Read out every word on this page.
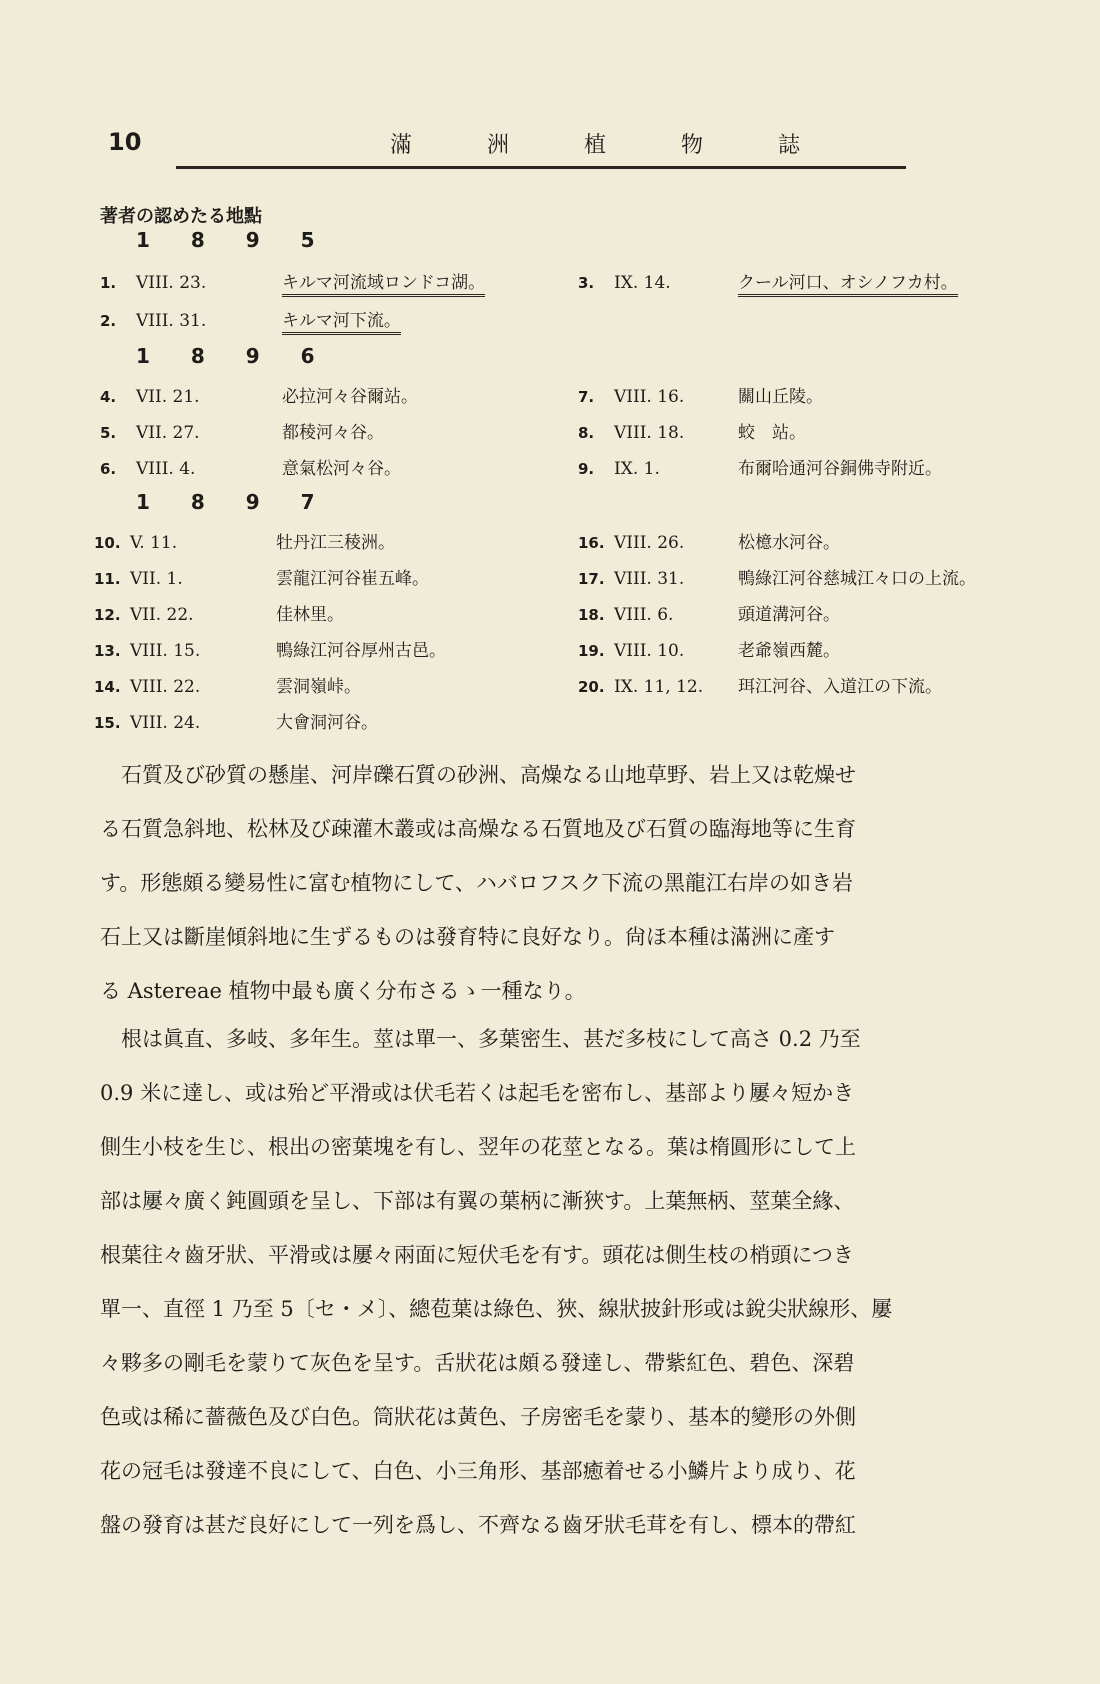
10	滿 洲 植 物 誌
著者の認めたる地點
1 8 9 5
1.	VIII. 23.	キルマ河流域ロンドコ湖。
2.	VIII. 31.	キルマ河下流。
3.	IX. 14.	クール河口、オシノフカ村。
1 8 9 6
4.	VII. 21.	必拉河々谷爾站。
5.	VII. 27.	都稜河々谷。
6.	VIII. 4.	意氣松河々谷。
7.	VIII. 16.	關山丘陵。
8.	VIII. 18.	蛟　站。
9.	IX. 1.	布爾哈通河谷銅佛寺附近。
1 8 9 7
10. V. 11.	牡丹江三稜洲。
11. VII. 1.	雲龍江河谷崔五峰。
12. VII. 22.	佳林里。
13. VIII. 15.	鴨綠江河谷厚州古邑。
14. VIII. 22.	雲洞嶺峠。
15. VIII. 24.	大會洞河谷。
16. VIII. 26.	松檍水河谷。
17. VIII. 31.	鴨綠江河谷慈城江々口の上流。
18. VIII. 6.	頭道溝河谷。
19. VIII. 10.	老爺嶺西麓。
20. IX. 11, 12.	珥江河谷、入道江の下流。
　石質及び砂質の懸崖、河岸礫石質の砂洲、高燥なる山地草野、岩上又は乾燥せ
る石質急斜地、松林及び疎灌木叢或は高燥なる石質地及び石質の臨海地等に生育
す。形態頗る變易性に富む植物にして、ハバロフスク下流の黑龍江右岸の如き岩
石上又は斷崖傾斜地に生ずるものは發育特に良好なり。尙ほ本種は滿洲に產す
る Astereae 植物中最も廣く分布さるゝ一種なり。
　根は眞直、多岐、多年生。莖は單一、多葉密生、甚だ多枝にして高さ 0.2 乃至
0.9 米に達し、或は殆ど平滑或は伏毛若くは起毛を密布し、基部より屢々短かき
側生小枝を生じ、根出の密葉塊を有し、翌年の花莖となる。葉は楕圓形にして上
部は屢々廣く鈍圓頭を呈し、下部は有翼の葉柄に漸狹す。上葉無柄、莖葉全緣、
根葉往々齒牙狀、平滑或は屢々兩面に短伏毛を有す。頭花は側生枝の梢頭につき
單一、直徑 1 乃至 5〔セ・メ〕、總苞葉は綠色、狹、線狀披針形或は銳尖狀線形、屢
々夥多の剛毛を蒙りて灰色を呈す。舌狀花は頗る發達し、帶紫紅色、碧色、深碧
色或は稀に薔薇色及び白色。筒狀花は黃色、子房密毛を蒙り、基本的變形の外側
花の冠毛は發達不良にして、白色、小三角形、基部癒着せる小鱗片より成り、花
盤の發育は甚だ良好にして一列を爲し、不齊なる齒牙狀毛茸を有し、標本的帶紅
